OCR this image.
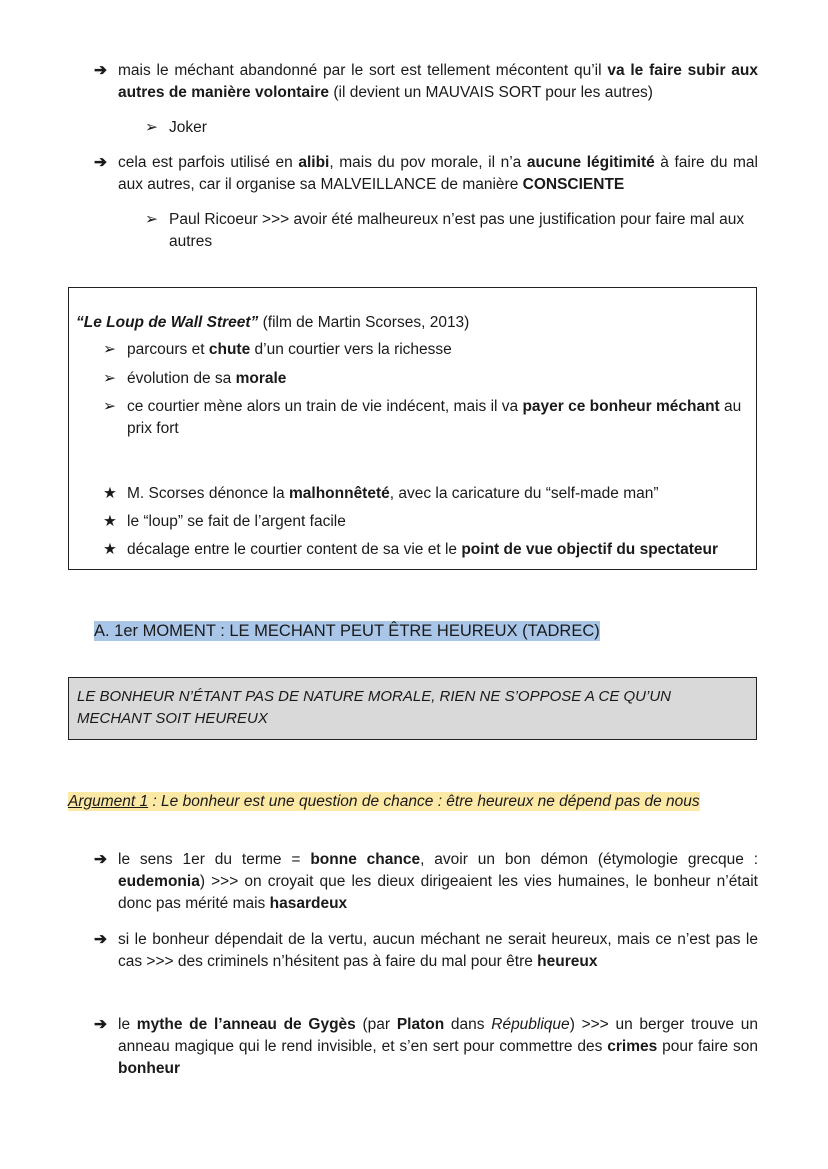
➔ mais le méchant abandonné par le sort est tellement mécontent qu’il va le faire subir aux autres de manière volontaire (il devient un MAUVAIS SORT pour les autres)
➢ Joker
➔ cela est parfois utilisé en alibi, mais du pov morale, il n’a aucune légitimité à faire du mal aux autres, car il organise sa MALVEILLANCE de manière CONSCIENTE
➢ Paul Ricoeur >>> avoir été malheureux n’est pas une justification pour faire mal aux autres
“Le Loup de Wall Street” (film de Martin Scorses, 2013)
➢ parcours et chute d’un courtier vers la richesse
➢ évolution de sa morale
➢ ce courtier mène alors un train de vie indécent, mais il va payer ce bonheur méchant au prix fort
★ M. Scorses dénonce la malhonnêteté, avec la caricature du “self-made man”
★ le “loup” se fait de l’argent facile
★ décalage entre le courtier content de sa vie et le point de vue objectif du spectateur
A. 1er MOMENT : LE MECHANT PEUT ÊTRE HEUREUX (TADREC)
LE BONHEUR N’ÉTANT PAS DE NATURE MORALE, RIEN NE S’OPPOSE A CE QU’UN MECHANT SOIT HEUREUX
Argument 1 : Le bonheur est une question de chance : être heureux ne dépend pas de nous
➔ le sens 1er du terme = bonne chance, avoir un bon démon (étymologie grecque : eudemonia) >>> on croyait que les dieux dirigeaient les vies humaines, le bonheur n’était donc pas mérité mais hasardeux
➔ si le bonheur dépendait de la vertu, aucun méchant ne serait heureux, mais ce n’est pas le cas >>> des criminels n’hésitent pas à faire du mal pour être heureux
➔ le mythe de l’anneau de Gygès (par Platon dans République) >>> un berger trouve un anneau magique qui le rend invisible, et s’en sert pour commettre des crimes pour faire son bonheur
